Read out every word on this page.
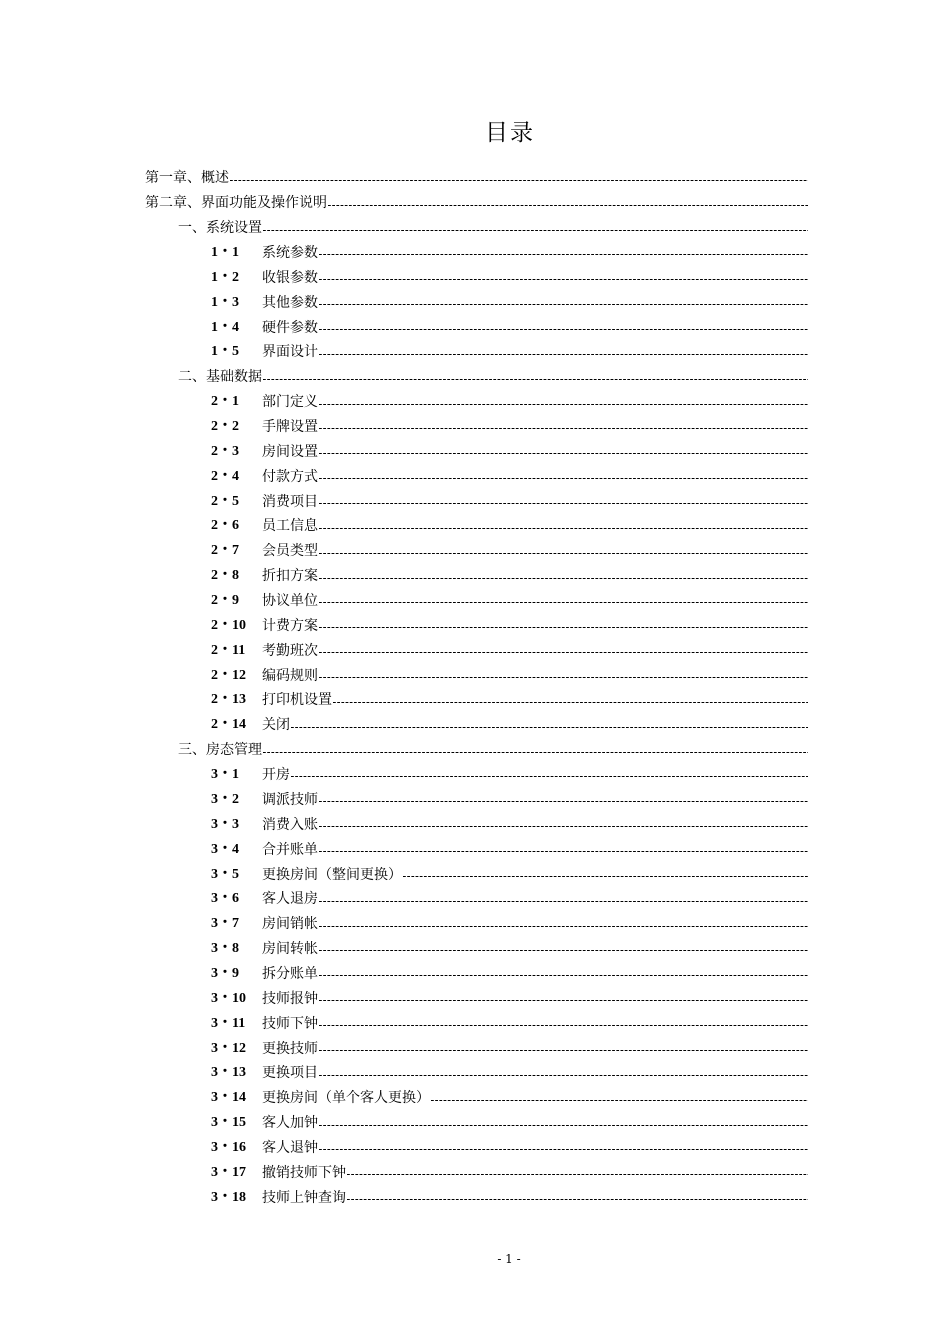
目录
第一章、概述
第二章、界面功能及操作说明
一、系统设置
1・1	系统参数
1・2	收银参数
1・3	其他参数
1・4	硬件参数
1・5	界面设计
二、基础数据
2・1	部门定义
2・2	手牌设置
2・3	房间设置
2・4	付款方式
2・5	消费项目
2・6	员工信息
2・7	会员类型
2・8	折扣方案
2・9	协议单位
2・10	计费方案
2・11	考勤班次
2・12	编码规则
2・13	打印机设置
2・14	关闭
三、房态管理
3・1	开房
3・2	调派技师
3・3	消费入账
3・4	合并账单
3・5	更换房间（整间更换）
3・6	客人退房
3・7	房间销帐
3・8	房间转帐
3・9	拆分账单
3・10	技师报钟
3・11	技师下钟
3・12	更换技师
3・13	更换项目
3・14	更换房间（单个客人更换）
3・15	客人加钟
3・16	客人退钟
3・17	撤销技师下钟
3・18	技师上钟查询
- 1 -
